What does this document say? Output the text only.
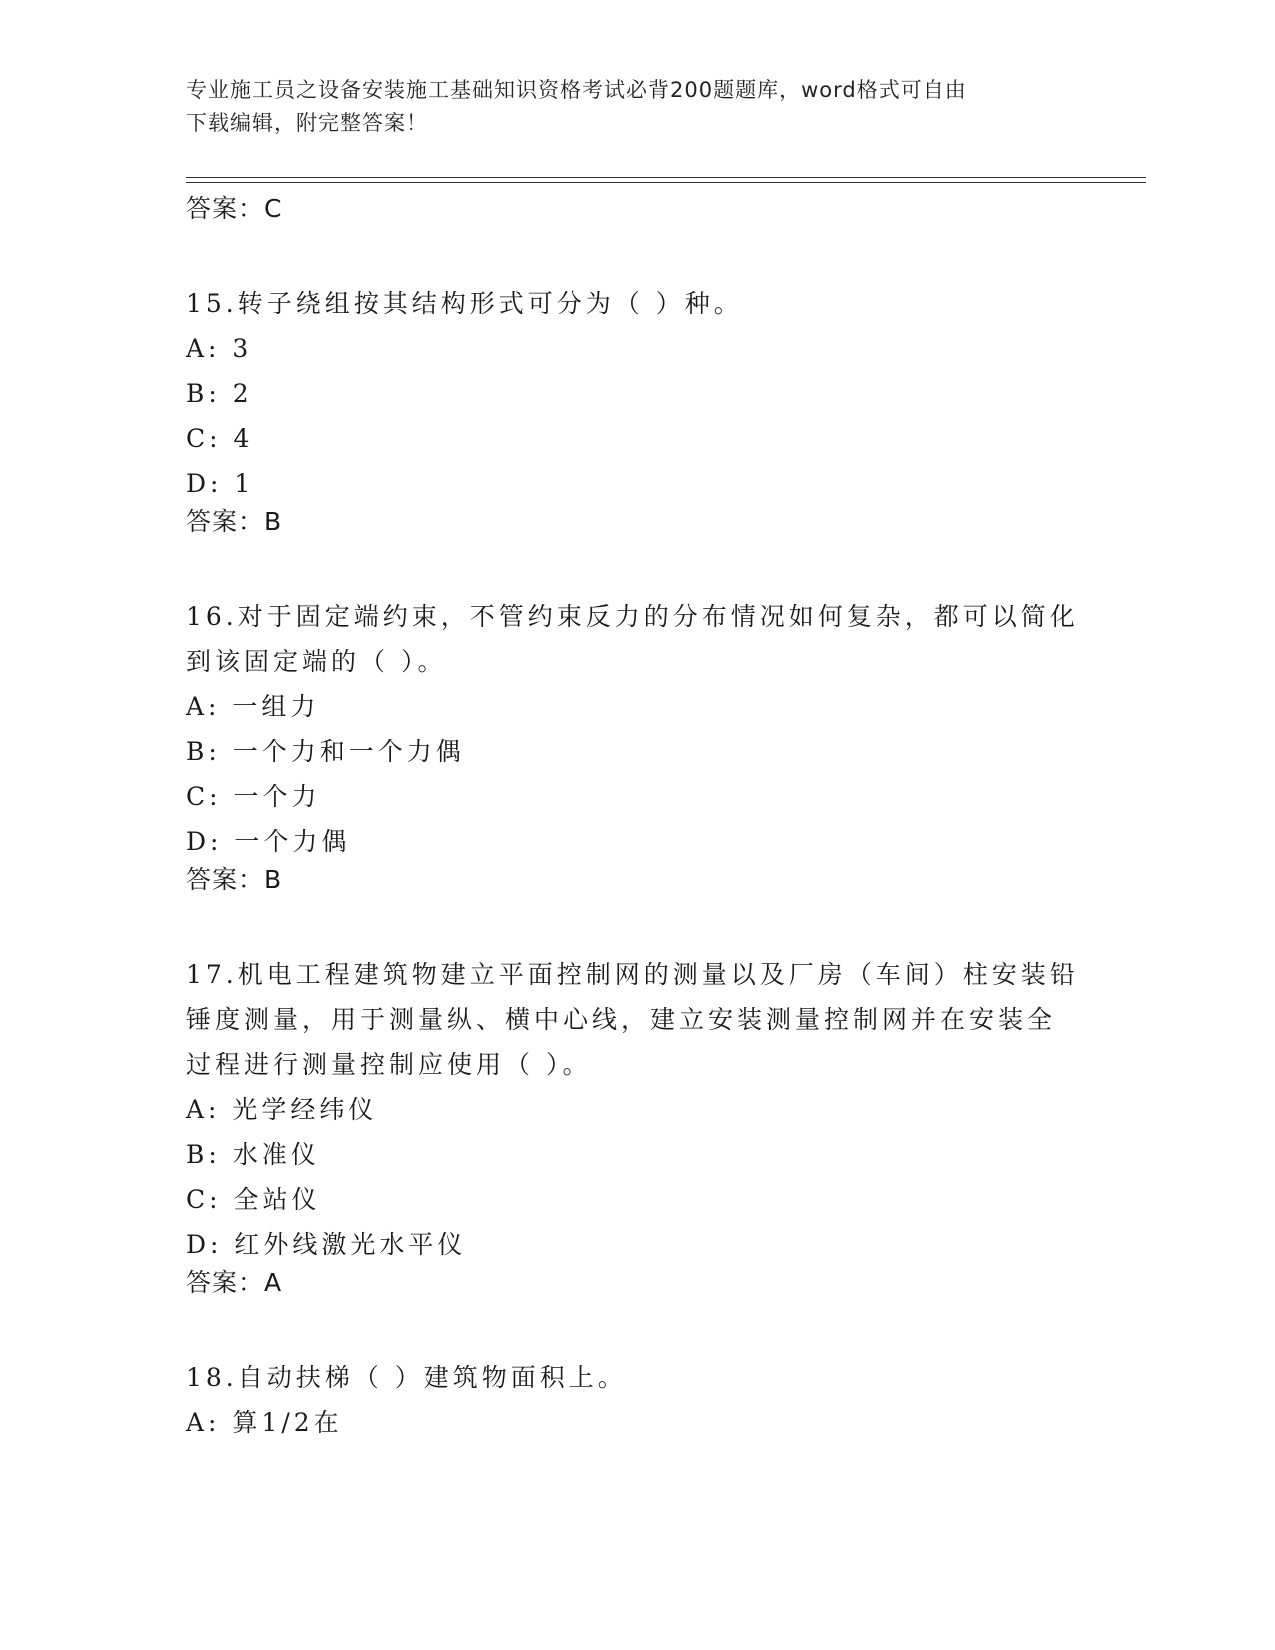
专业施工员之设备安装施工基础知识资格考试必背200题题库，word格式可自由
下载编辑，附完整答案！

答案：C

15.转子绕组按其结构形式可分为（ ）种。

A: 3

B: 2

C: 4

D: 1

答案：B

16.对于固定端约束，不管约束反力的分布情况如何复杂，都可以简化

到该固定端的（ ）。

A: 一组力

B: 一个力和一个力偶

C: 一个力

D: 一个力偶

答案：B

17.机电工程建筑物建立平面控制网的测量以及厂房（车间）柱安装铅

锤度测量，用于测量纵、横中心线，建立安装测量控制网并在安装全

过程进行测量控制应使用（ ）。

A: 光学经纬仪

B: 水准仪

C: 全站仪

D: 红外线激光水平仪

答案：A

18.自动扶梯（ ）建筑物面积上。

A: 算1/2在
